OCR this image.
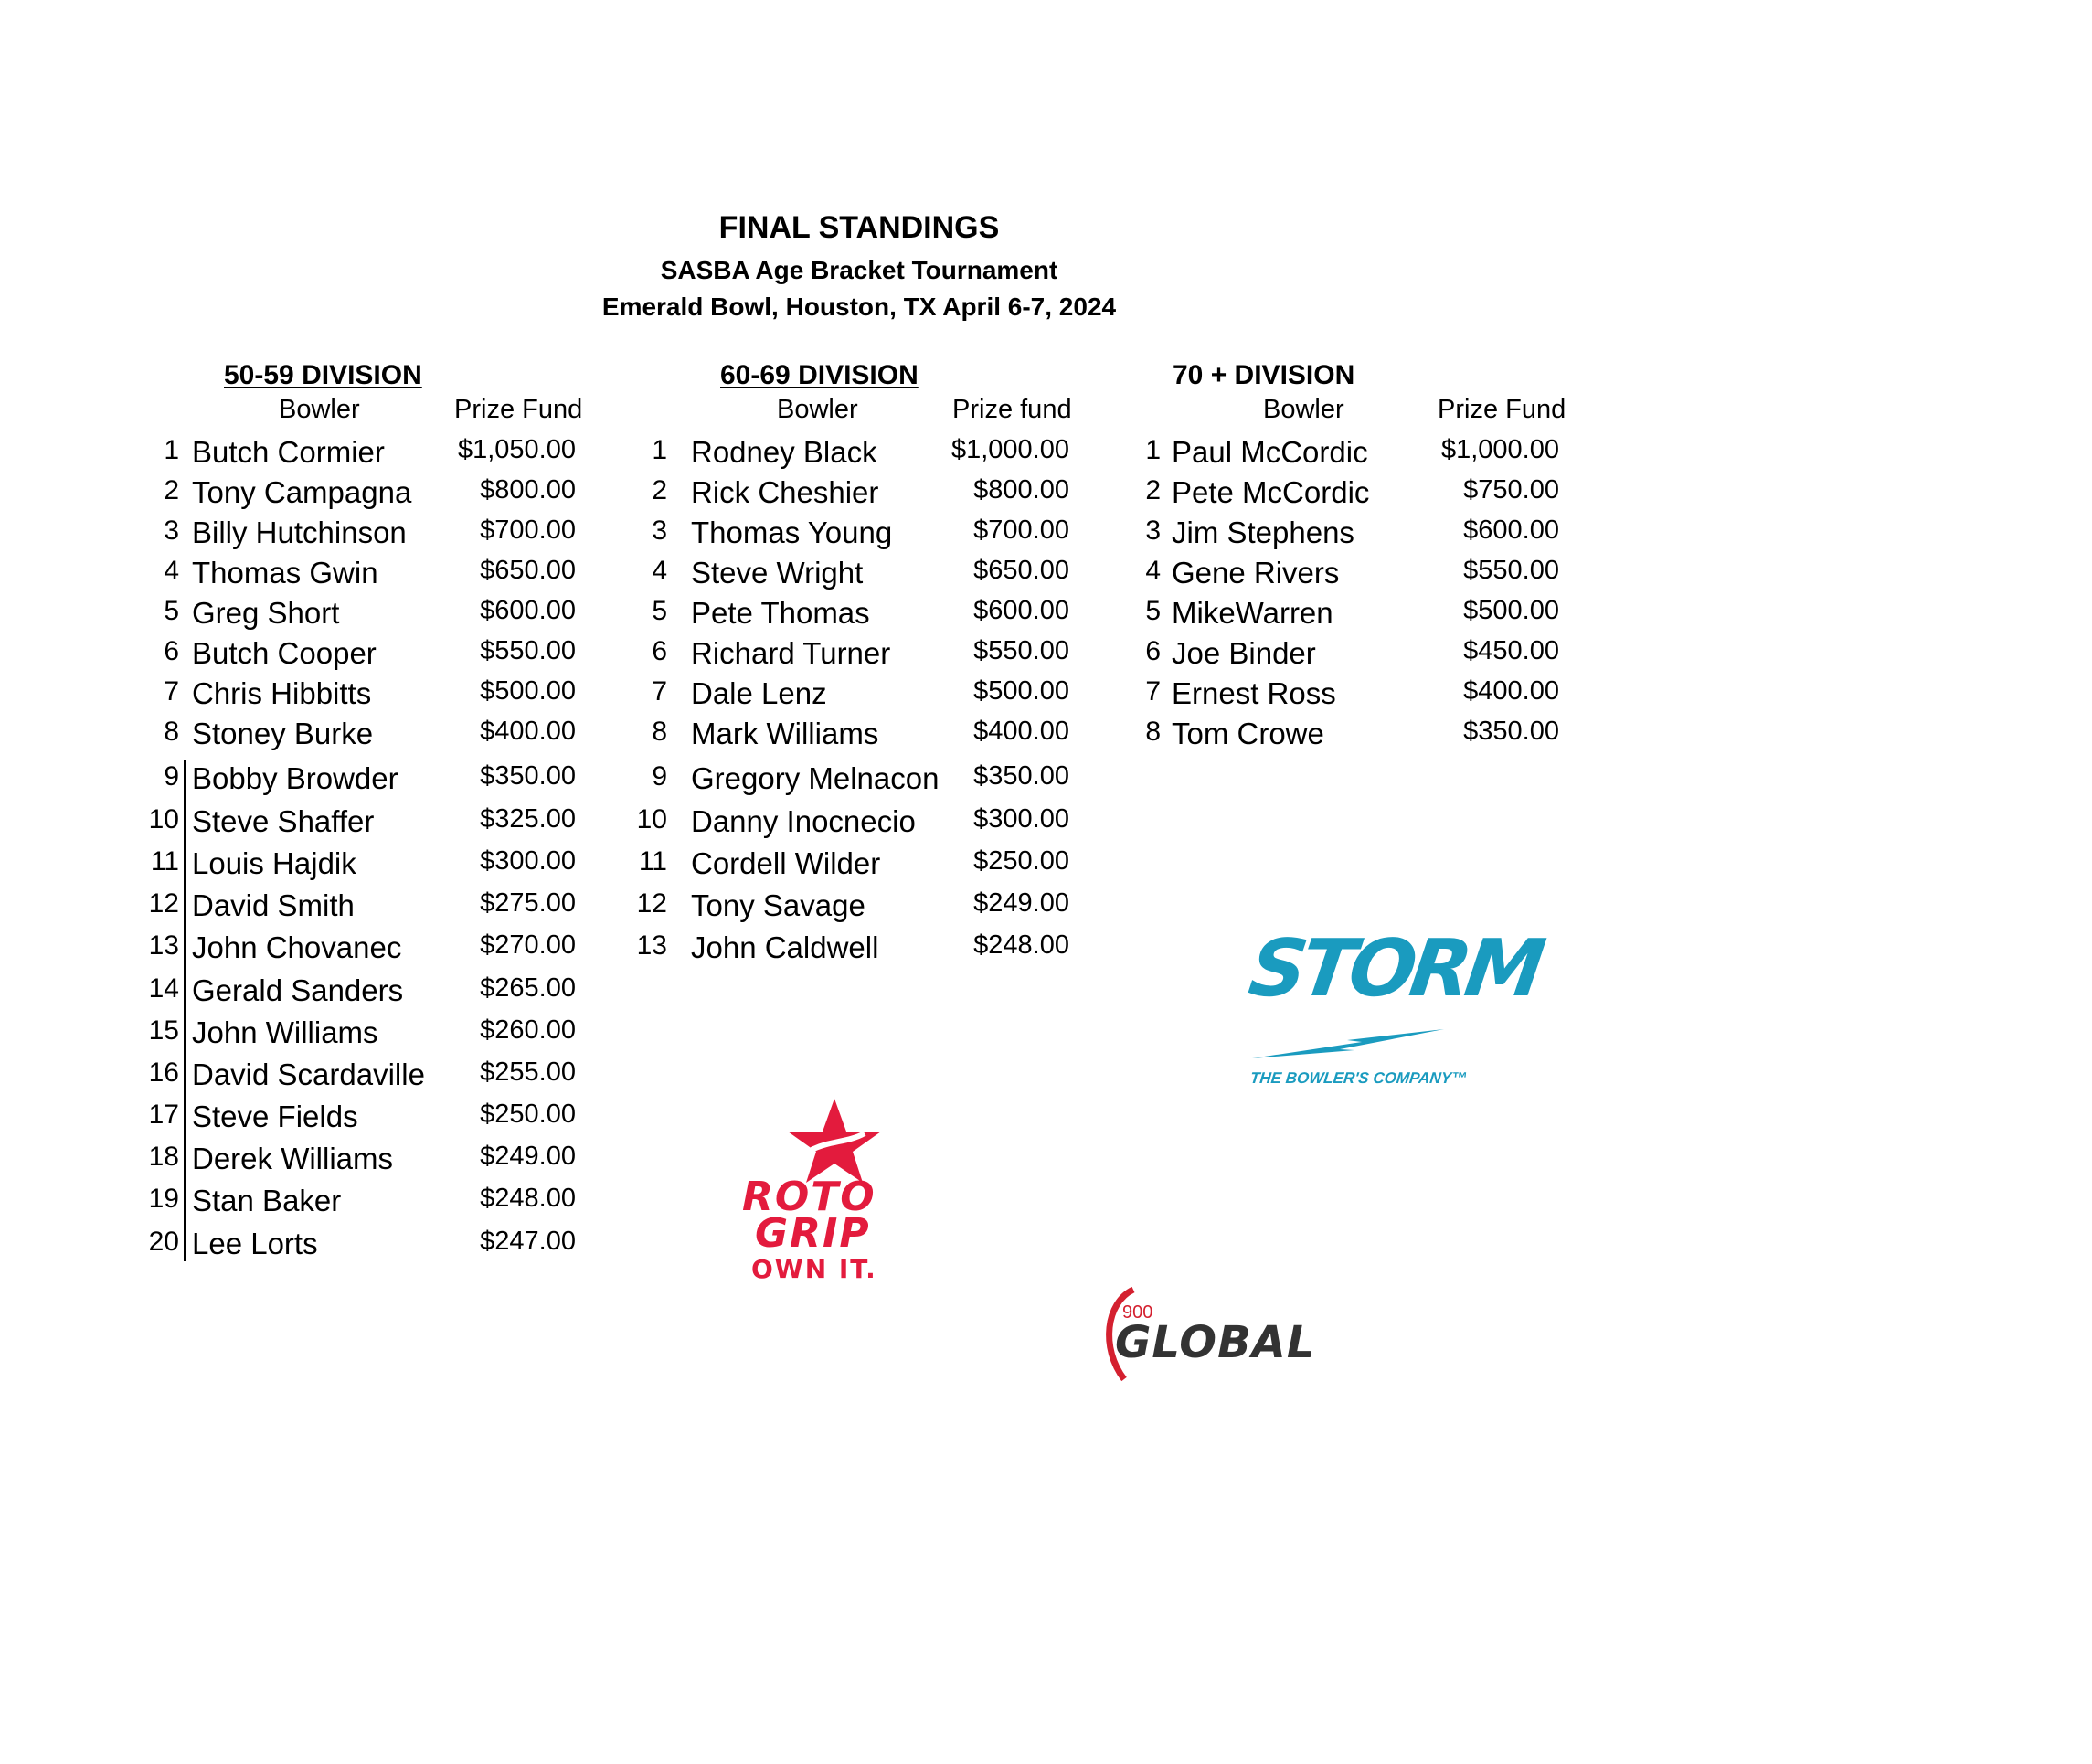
FINAL STANDINGS
SASBA Age Bracket Tournament
Emerald Bowl, Houston, TX April 6-7, 2024
50-59 DIVISION
Bowler	Prize Fund
1 Butch Cormier	$1,050.00
2 Tony Campagna	$800.00
3 Billy Hutchinson	$700.00
4 Thomas Gwin	$650.00
5 Greg Short	$600.00
6 Butch Cooper	$550.00
7 Chris Hibbitts	$500.00
8 Stoney Burke	$400.00
9 Bobby Browder	$350.00
10 Steve Shaffer	$325.00
11 Louis Hajdik	$300.00
12 David Smith	$275.00
13 John Chovanec	$270.00
14 Gerald Sanders	$265.00
15 John Williams	$260.00
16 David Scardaville	$255.00
17 Steve Fields	$250.00
18 Derek Williams	$249.00
19 Stan Baker	$248.00
20 Lee Lorts	$247.00
60-69 DIVISION
Bowler	Prize fund
1 Rodney Black	$1,000.00
2 Rick Cheshier	$800.00
3 Thomas Young	$700.00
4 Steve Wright	$650.00
5 Pete Thomas	$600.00
6 Richard Turner	$550.00
7 Dale Lenz	$500.00
8 Mark Williams	$400.00
9 Gregory Melnacon	$350.00
10 Danny Inocnecio	$300.00
11 Cordell Wilder	$250.00
12 Tony Savage	$249.00
13 John Caldwell	$248.00
70 + DIVISION
Bowler	Prize Fund
1 Paul McCordic	$1,000.00
2 Pete McCordic	$750.00
3 Jim Stephens	$600.00
4 Gene Rivers	$550.00
5 MikeWarren	$500.00
6 Joe Binder	$450.00
7 Ernest Ross	$400.00
8 Tom Crowe	$350.00
STORM
THE BOWLER'S COMPANY™
ROTO
GRIP
OWN IT.
900
GLOBAL
